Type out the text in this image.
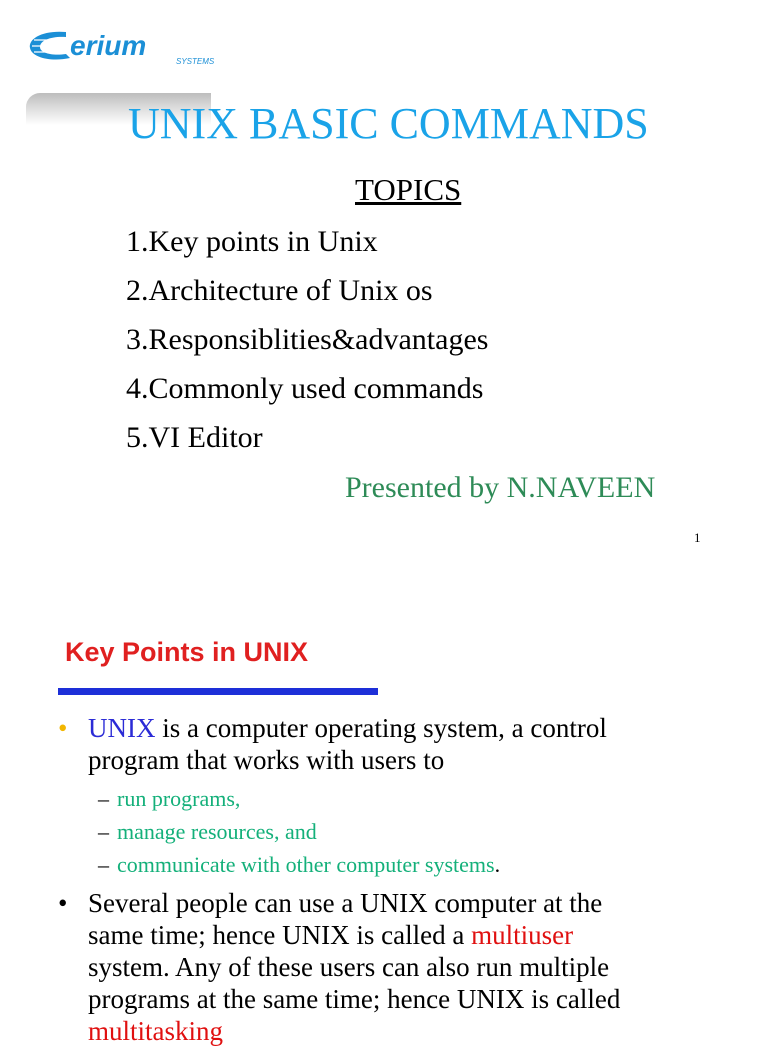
erium
SYSTEMS
UNIX BASIC COMMANDS
TOPICS
1.Key points in Unix
2.Architecture of Unix os
3.Responsiblities&advantages
4.Commonly used commands
5.VI Editor
Presented by N.NAVEEN
1
Key Points in UNIX
• UNIX is a computer operating system, a control
program that works with users to
– run programs,
– manage resources, and
– communicate with other computer systems.
• Several people can use a UNIX computer at the
same time; hence UNIX is called a multiuser
system. Any of these users can also run multiple
programs at the same time; hence UNIX is called
multitasking
